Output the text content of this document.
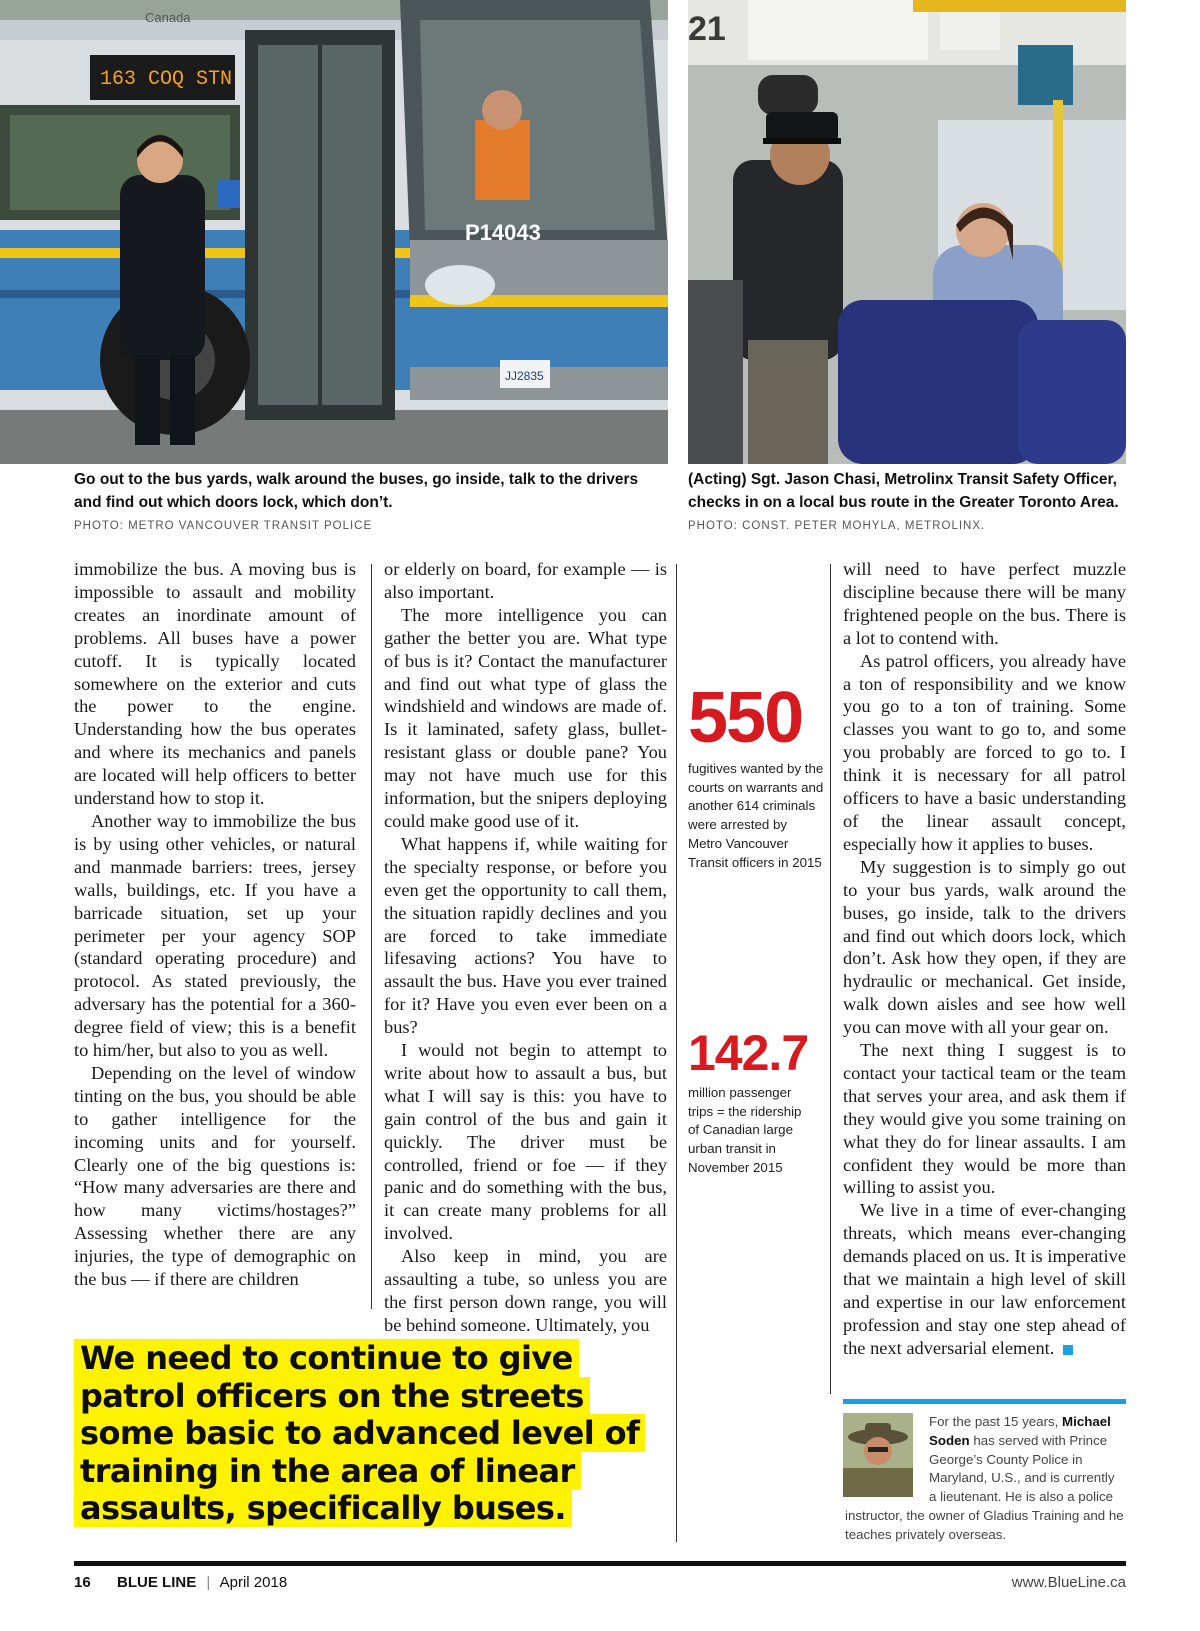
163 COQ STN
Canada
P14043
JJ2835
21
Go out to the bus yards, walk around the buses, go inside, talk to the drivers and find out which doors lock, which don’t.
PHOTO: METRO VANCOUVER TRANSIT POLICE
(Acting) Sgt. Jason Chasi, Metrolinx Transit Safety Officer, checks in on a local bus route in the Greater Toronto Area.
PHOTO: CONST. PETER MOHYLA, METROLINX.

immobilize the bus. A moving bus is impossible to assault and mobility creates an inordinate amount of problems. All buses have a power cutoff. It is typically located somewhere on the exterior and cuts the power to the engine. Understanding how the bus operates and where its mechanics and panels are located will help officers to better understand how to stop it.

Another way to immobilize the bus is by using other vehicles, or natural and manmade barriers: trees, jersey walls, buildings, etc. If you have a barricade situation, set up your perimeter per your agency SOP (standard operating procedure) and protocol. As stated previously, the adversary has the potential for a 360-degree field of view; this is a benefit to him/her, but also to you as well.

Depending on the level of window tinting on the bus, you should be able to gather intelligence for the incoming units and for yourself. Clearly one of the big questions is: “How many adversaries are there and how many victims/hostages?” Assessing whether there are any injuries, the type of demographic on the bus — if there are children

or elderly on board, for example — is also important.

The more intelligence you can gather the better you are. What type of bus is it? Contact the manufacturer and find out what type of glass the windshield and windows are made of. Is it laminated, safety glass, bullet-resistant glass or double pane? You may not have much use for this information, but the snipers deploying could make good use of it.

What happens if, while waiting for the specialty response, or before you even get the opportunity to call them, the situation rapidly declines and you are forced to take immediate lifesaving actions? You have to assault the bus. Have you ever trained for it? Have you even ever been on a bus?

I would not begin to attempt to write about how to assault a bus, but what I will say is this: you have to gain control of the bus and gain it quickly. The driver must be controlled, friend or foe — if they panic and do something with the bus, it can create many problems for all involved.

Also keep in mind, you are assaulting a tube, so unless you are the first person down range, you will be behind someone. Ultimately, you

550
fugitives wanted by the courts on warrants and another 614 criminals were arrested by Metro Vancouver Transit officers in 2015
142.7
million passenger trips = the ridership of Canadian large urban transit in November 2015

will need to have perfect muzzle discipline because there will be many frightened people on the bus. There is a lot to contend with.

As patrol officers, you already have a ton of responsibility and we know you go to a ton of training. Some classes you want to go to, and some you probably are forced to go to. I think it is necessary for all patrol officers to have a basic understanding of the linear assault concept, especially how it applies to buses.

My suggestion is to simply go out to your bus yards, walk around the buses, go inside, talk to the drivers and find out which doors lock, which don’t. Ask how they open, if they are hydraulic or mechanical. Get inside, walk down aisles and see how well you can move with all your gear on.

The next thing I suggest is to contact your tactical team or the team that serves your area, and ask them if they would give you some training on what they do for linear assaults. I am confident they would be more than willing to assist you.

We live in a time of ever-changing threats, which means ever-changing demands placed on us. It is imperative that we maintain a high level of skill and expertise in our law enforcement profession and stay one step ahead of the next adversarial element.

We need to continue to give patrol officers on the streets some basic to advanced level of training in the area of linear assaults, specifically buses.
For the past 15 years, Michael Soden has served with Prince George’s County Police in Maryland, U.S., and is currently a lieutenant. He is also a police instructor, the owner of Gladius Training and he teaches privately overseas.
16 BLUE LINE | April 2018	www.BlueLine.ca
